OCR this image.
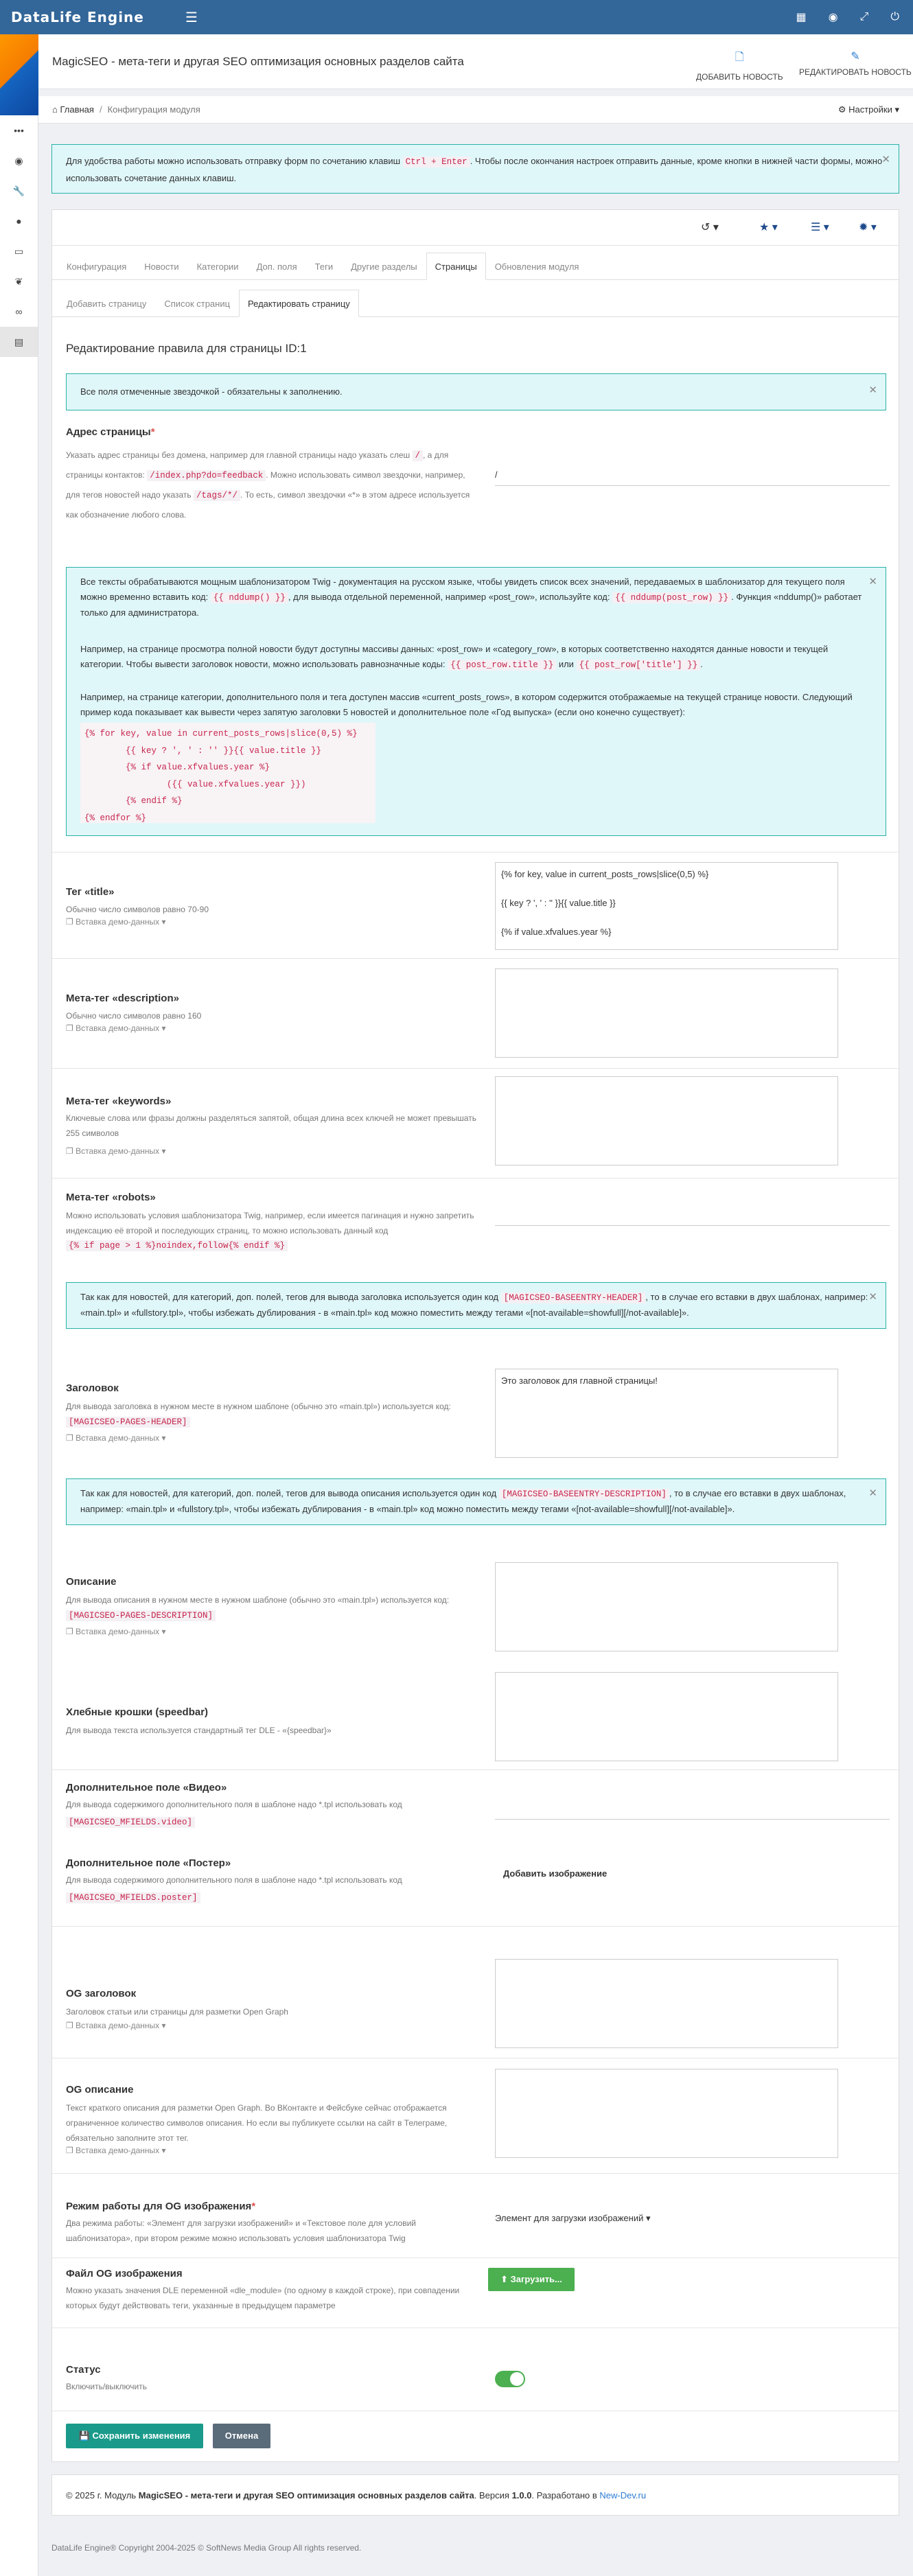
DataLife Engine	☰	▦ ◉ ⤢ ⏻
•••
◉
🔧
●
▭
❦
∞
▤
MagicSEO - мета-теги и другая SEO оптимизация основных разделов сайта	🗋
ДОБАВИТЬ НОВОСТЬ
✎
РЕДАКТИРОВАТЬ НОВОСТЬ
⌂ Главная / Конфигурация модуля	⚙ Настройки ▾
Для удобства работы можно использовать отправку форм по сочетанию клавиш Ctrl + Enter . Чтобы после окончания настроек отправить данные, кроме кнопки в нижней части формы, можно использовать сочетание данных клавиш.
✕
↺ ▾	★ ▾	☰ ▾	✹ ▾
Конфигурация	Новости	Категории	Доп. поля	Теги	Другие разделы	Страницы	Обновления модуля
Добавить страницу	Список страниц	Редактировать страницу
Редактирование правила для страницы ID:1
Все поля отмеченные звездочкой - обязательны к заполнению.	✕
Адрес страницы*
Указать адрес страницы без домена, например для главной страницы надо указать слеш / , а для страницы контактов: /index.php?do=feedback . Можно использовать символ звездочки, например, для тегов новостей надо указать /tags/*/ . То есть, символ звездочки «*» в этом адресе используется как обозначение любого слова.
/
✕
Все тексты обрабатываются мощным шаблонизатором Twig - документация на русском языке, чтобы увидеть список всех значений, передаваемых в шаблонизатор для текущего поля можно временно вставить код: {{ nddump() }} , для вывода отдельной переменной, например «post_row», используйте код: {{ nddump(post_row) }} . Функция «nddump()» работает только для администратора.
Например, на странице просмотра полной новости будут доступны массивы данных: «post_row» и «category_row», в которых соответственно находятся данные новости и текущей категории. Чтобы вывести заголовок новости, можно использовать равнозначные коды: {{ post_row.title }} или {{ post_row['title'] }} .
Например, на странице категории, дополнительного поля и тега доступен массив «current_posts_rows», в котором содержится отображаемые на текущей странице новости. Следующий пример кода показывает как вывести через запятую заголовки 5 новостей и дополнительное поле «Год выпуска» (если оно конечно существует):
{% for key, value in current_posts_rows|slice(0,5) %}
{{ key ? ', ' : '' }}{{ value.title }}
{% if value.xfvalues.year %}
({{ value.xfvalues.year }})
{% endif %}
{% endfor %}
Тег «title»
Обычно число символов равно 70-90
❐ Вставка демо-данных ▾
{% for key, value in current_posts_rows|slice(0,5) %}

{{ key ? ', ' : '' }}{{ value.title }}

{% if value.xfvalues.year %}
Мета-тег «description»
Обычно число символов равно 160
❐ Вставка демо-данных ▾
Мета-тег «keywords»
Ключевые слова или фразы должны разделяться запятой, общая длина всех ключей не может превышать 255 символов
❐ Вставка демо-данных ▾
Мета-тег «robots»
Можно использовать условия шаблонизатора Twig, например, если имеется пагинация и нужно запретить индексацию её второй и последующих страниц, то можно использовать данный код
{% if page > 1 %}noindex,follow{% endif %}
Так как для новостей, для категорий, доп. полей, тегов для вывода заголовка используется один код [MAGICSEO-BASEENTRY-HEADER] , то в случае его вставки в двух шаблонах, например: «main.tpl» и «fullstory.tpl», чтобы избежать дублирования - в «main.tpl» код можно поместить между тегами «[not-available=showfull][/not-available]».
✕
Заголовок
Для вывода заголовка в нужном месте в нужном шаблоне (обычно это «main.tpl») используется код: [MAGICSEO-PAGES-HEADER]
❐ Вставка демо-данных ▾
Это заголовок для главной страницы!
Так как для новостей, для категорий, доп. полей, тегов для вывода описания используется один код [MAGICSEO-BASEENTRY-DESCRIPTION] , то в случае его вставки в двух шаблонах, например: «main.tpl» и «fullstory.tpl», чтобы избежать дублирования - в «main.tpl» код можно поместить между тегами «[not-available=showfull][/not-available]».
✕
Описание
Для вывода описания в нужном месте в нужном шаблоне (обычно это «main.tpl») используется код: [MAGICSEO-PAGES-DESCRIPTION]
❐ Вставка демо-данных ▾
Хлебные крошки (speedbar)
Для вывода текста используется стандартный тег DLE - «{speedbar}»
Дополнительное поле «Видео»
Для вывода содержимого дополнительного поля в шаблоне надо *.tpl использовать код
[MAGICSEO_MFIELDS.video]
Дополнительное поле «Постер»
Для вывода содержимого дополнительного поля в шаблоне надо *.tpl использовать код
[MAGICSEO_MFIELDS.poster]
Добавить изображение
OG заголовок
Заголовок статьи или страницы для разметки Open Graph
❐ Вставка демо-данных ▾
OG описание
Текст краткого описания для разметки Open Graph. Во ВКонтакте и Фейсбуке сейчас отображается ограниченное количество символов описания. Но если вы публикуете ссылки на сайт в Телеграме, обязательно заполните этот тег.
❐ Вставка демо-данных ▾
Режим работы для OG изображения*
Два режима работы: «Элемент для загрузки изображений» и «Текстовое поле для условий шаблонизатора», при втором режиме можно использовать условия шаблонизатора Twig
Элемент для загрузки изображений ▾
Файл OG изображения
Можно указать значения DLE переменной «dle_module» (по одному в каждой строке), при совпадении которых будут действовать теги, указанные в предыдущем параметре
⬆ Загрузить...
Статус
Включить/выключить
💾 Сохранить изменения	Отмена
© 2025 г. Модуль MagicSEO - мета-теги и другая SEO оптимизация основных разделов сайта. Версия 1.0.0. Разработано в New-Dev.ru
DataLife Engine® Copyright 2004-2025 © SoftNews Media Group All rights reserved.
